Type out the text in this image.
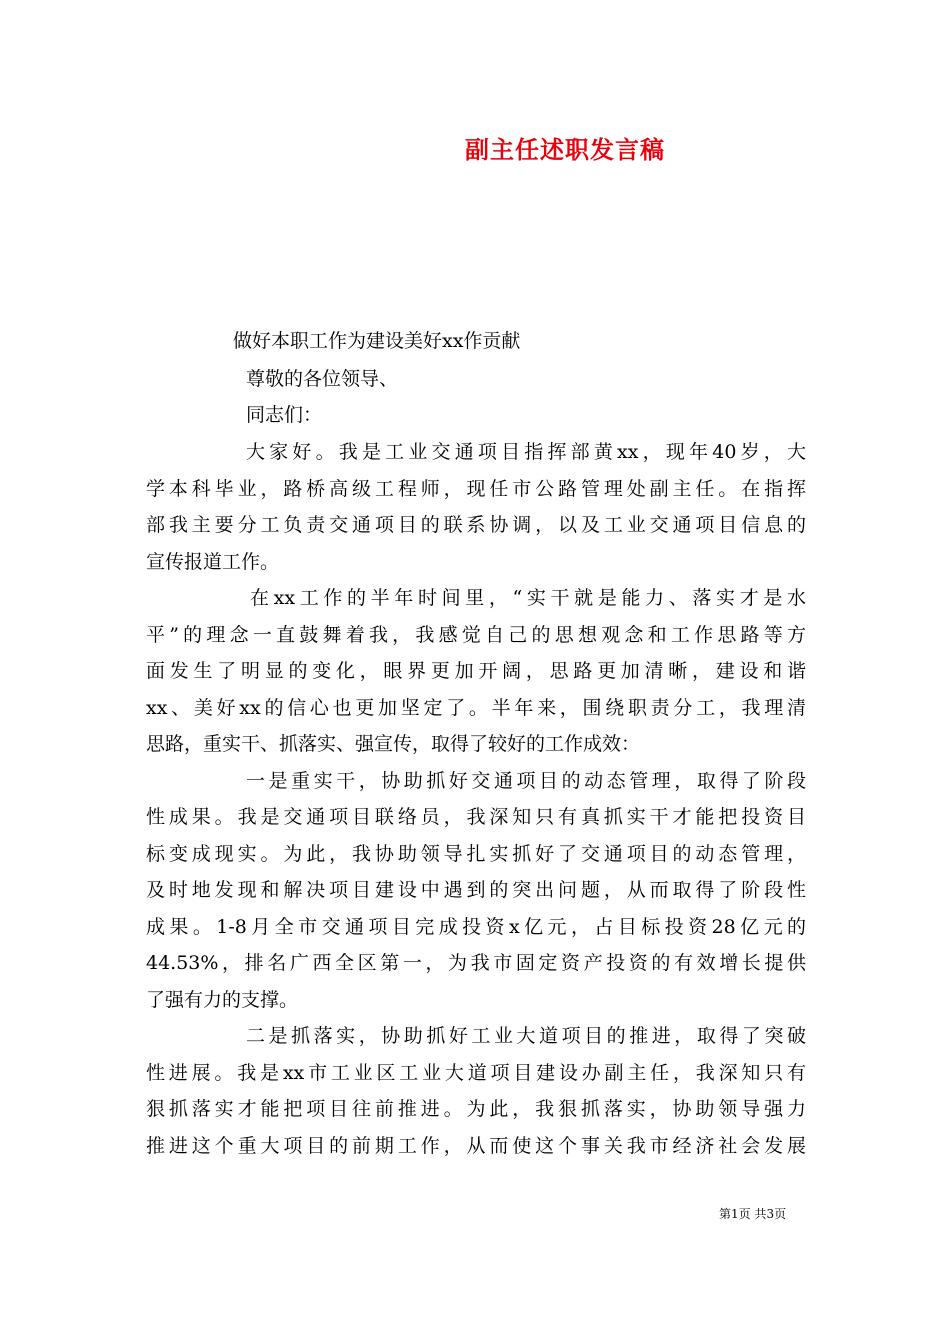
副主任述职发言稿
做好本职工作为建设美好xx作贡献
尊敬的各位领导、
同志们：
大家好。我是工业交通项目指挥部黄xx，现年40岁，大
学本科毕业，路桥高级工程师，现任市公路管理处副主任。在指挥
部我主要分工负责交通项目的联系协调，以及工业交通项目信息的
宣传报道工作。
在xx工作的半年时间里，“实干就是能力、落实才是水
平”的理念一直鼓舞着我，我感觉自己的思想观念和工作思路等方
面发生了明显的变化，眼界更加开阔，思路更加清晰，建设和谐
xx、美好xx的信心也更加坚定了。半年来，围绕职责分工，我理清
思路，重实干、抓落实、强宣传，取得了较好的工作成效：
一是重实干，协助抓好交通项目的动态管理，取得了阶段
性成果。我是交通项目联络员，我深知只有真抓实干才能把投资目
标变成现实。为此，我协助领导扎实抓好了交通项目的动态管理，
及时地发现和解决项目建设中遇到的突出问题，从而取得了阶段性
成果。1-8月全市交通项目完成投资x亿元，占目标投资28亿元的
44.53%，排名广西全区第一，为我市固定资产投资的有效增长提供
了强有力的支撑。
二是抓落实，协助抓好工业大道项目的推进，取得了突破
性进展。我是xx市工业区工业大道项目建设办副主任，我深知只有
狠抓落实才能把项目往前推进。为此，我狠抓落实，协助领导强力
推进这个重大项目的前期工作，从而使这个事关我市经济社会发展
第1页 共3页
